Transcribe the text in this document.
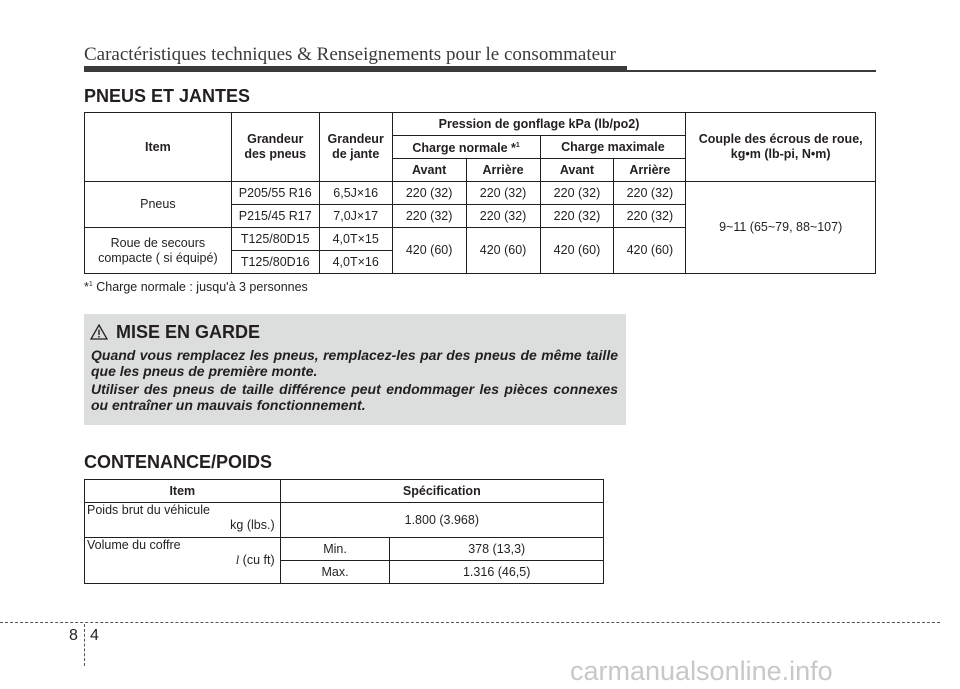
Caractéristiques techniques & Renseignements pour le consommateur
PNEUS ET JANTES
Item	Grandeur des pneus	Grandeur de jante	Pression de gonflage kPa (lb/po2)				Couple des écrous de roue, kg•m (lb-pi, N•m)
			Charge normale *$^1$		Charge maximale		
			Avant	Arrière	Avant	Arrière	
Pneus	P205/55 R16	6,5J×16	220 (32)	220 (32)	220 (32)	220 (32)	9~11 (65~79, 88~107)
	P215/45 R17	7,0J×17	220 (32)	220 (32)	220 (32)	220 (32)	
Roue de secours compacte ( si équipé)	T125/80D15	4,0T×15	420 (60)	420 (60)	420 (60)	420 (60)	
	T125/80D16	4,0T×16					
*$^1$ Charge normale : jusqu'à 3 personnes
MISE EN GARDE
Quand vous remplacez les pneus, remplacez-les par des pneus de même taille que les pneus de première monte.
Utiliser des pneus de taille différence peut endommager les pièces connexes ou entraîner un mauvais fonctionnement.
CONTENANCE/POIDS
Item	Spécification	
Poids brut du véhicule
kg (lbs.)	1.800 (3.968)	
Volume du coffre
l (cu ft)	Min.	378 (13,3)
	Max.	1.316 (46,5)
8 4
carmanualsonline.info
